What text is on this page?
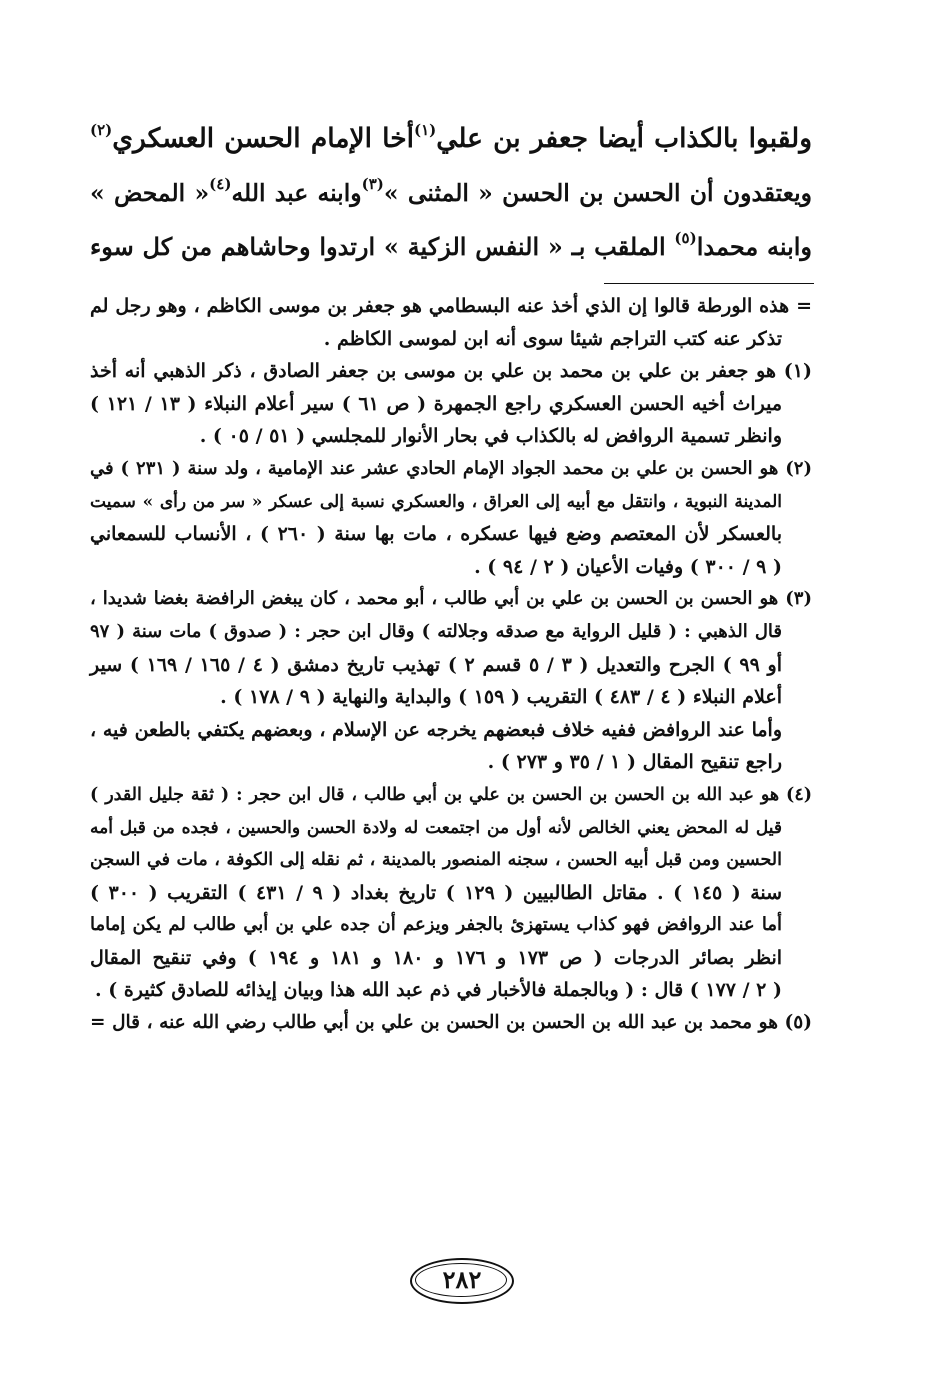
ولقبوا بالكذاب أيضا جعفر بن علي$^{(١)}$أخا الإمام الحسن العسكري$^{(٢)}$
ويعتقدون أن الحسن بن الحسن « المثنى »$^{(٣)}$وابنه عبد الله$^{(٤)}$« المحض »
وابنه محمدا$^{(٥)}$ الملقب بـ « النفس الزكية » ارتدوا وحاشاهم من كل سوء
= هذه الورطة قالوا إن الذي أخذ عنه البسطامي هو جعفر بن موسى الكاظم ، وهو رجل لم
تذكر عنه كتب التراجم شيئا سوى أنه ابن لموسى الكاظم .
(١) هو جعفر بن علي بن محمد بن علي بن موسى بن جعفر الصادق ، ذكر الذهبي أنه أخذ
ميراث أخيه الحسن العسكري راجع الجمهرة ( ص ٦١ ) سير أعلام النبلاء ( ١٣ / ١٢١ )
وانظر تسمية الروافض له بالكذاب في بحار الأنوار للمجلسي ( ٥١ / ٠٥ ) .
(٢) هو الحسن بن علي بن محمد الجواد الإمام الحادي عشر عند الإمامية ، ولد سنة ( ٢٣١ ) في
المدينة النبوية ، وانتقل مع أبيه إلى العراق ، والعسكري نسبة إلى عسكر « سر من رأى » سميت
بالعسكر لأن المعتصم وضع فيها عسكره ، مات بها سنة ( ٢٦٠ ) ، الأنساب للسمعاني
( ٩ / ٣٠٠ ) وفيات الأعيان ( ٢ / ٩٤ ) .
(٣) هو الحسن بن الحسن بن علي بن أبي طالب ، أبو محمد ، كان يبغض الرافضة بغضا شديدا ،
قال الذهبي : ( قليل الرواية مع صدقه وجلالته ) وقال ابن حجر : ( صدوق ) مات سنة ( ٩٧
أو ٩٩ ) الجرح والتعديل ( ٣ / ٥ قسم ٢ ) تهذيب تاريخ دمشق ( ٤ / ١٦٥ / ١٦٩ ) سير
أعلام النبلاء ( ٤ / ٤٨٣ ) التقريب ( ١٥٩ ) والبداية والنهاية ( ٩ / ١٧٨ ) .
وأما عند الروافض ففيه خلاف فبعضهم يخرجه عن الإسلام ، وبعضهم يكتفي بالطعن فيه ،
راجع تنقيح المقال ( ١ / ٣٥ و ٢٧٣ ) .
(٤) هو عبد الله بن الحسن بن الحسن بن علي بن أبي طالب ، قال ابن حجر : ( ثقة جليل القدر )
قيل له المحض يعني الخالص لأنه أول من اجتمعت له ولادة الحسن والحسين ، فجده من قبل أمه
الحسين ومن قبل أبيه الحسن ، سجنه المنصور بالمدينة ، ثم نقله إلى الكوفة ، مات في السجن
سنة ( ١٤٥ ) . مقاتل الطالبيين ( ١٢٩ ) تاريخ بغداد ( ٩ / ٤٣١ ) التقريب ( ٣٠٠ )
أما عند الروافض فهو كذاب يستهزئ بالجفر ويزعم أن جده علي بن أبي طالب لم يكن إماما
انظر بصائر الدرجات ( ص ١٧٣ و ١٧٦ و ١٨٠ و ١٨١ و ١٩٤ ) وفي تنقيح المقال
( ٢ / ١٧٧ ) قال : ( وبالجملة فالأخبار في ذم عبد الله هذا وبيان إيذائه للصادق كثيرة ) .
(٥) هو محمد بن عبد الله بن الحسن بن الحسن بن علي بن أبي طالب رضي الله عنه ، قال =
٢٨٢
